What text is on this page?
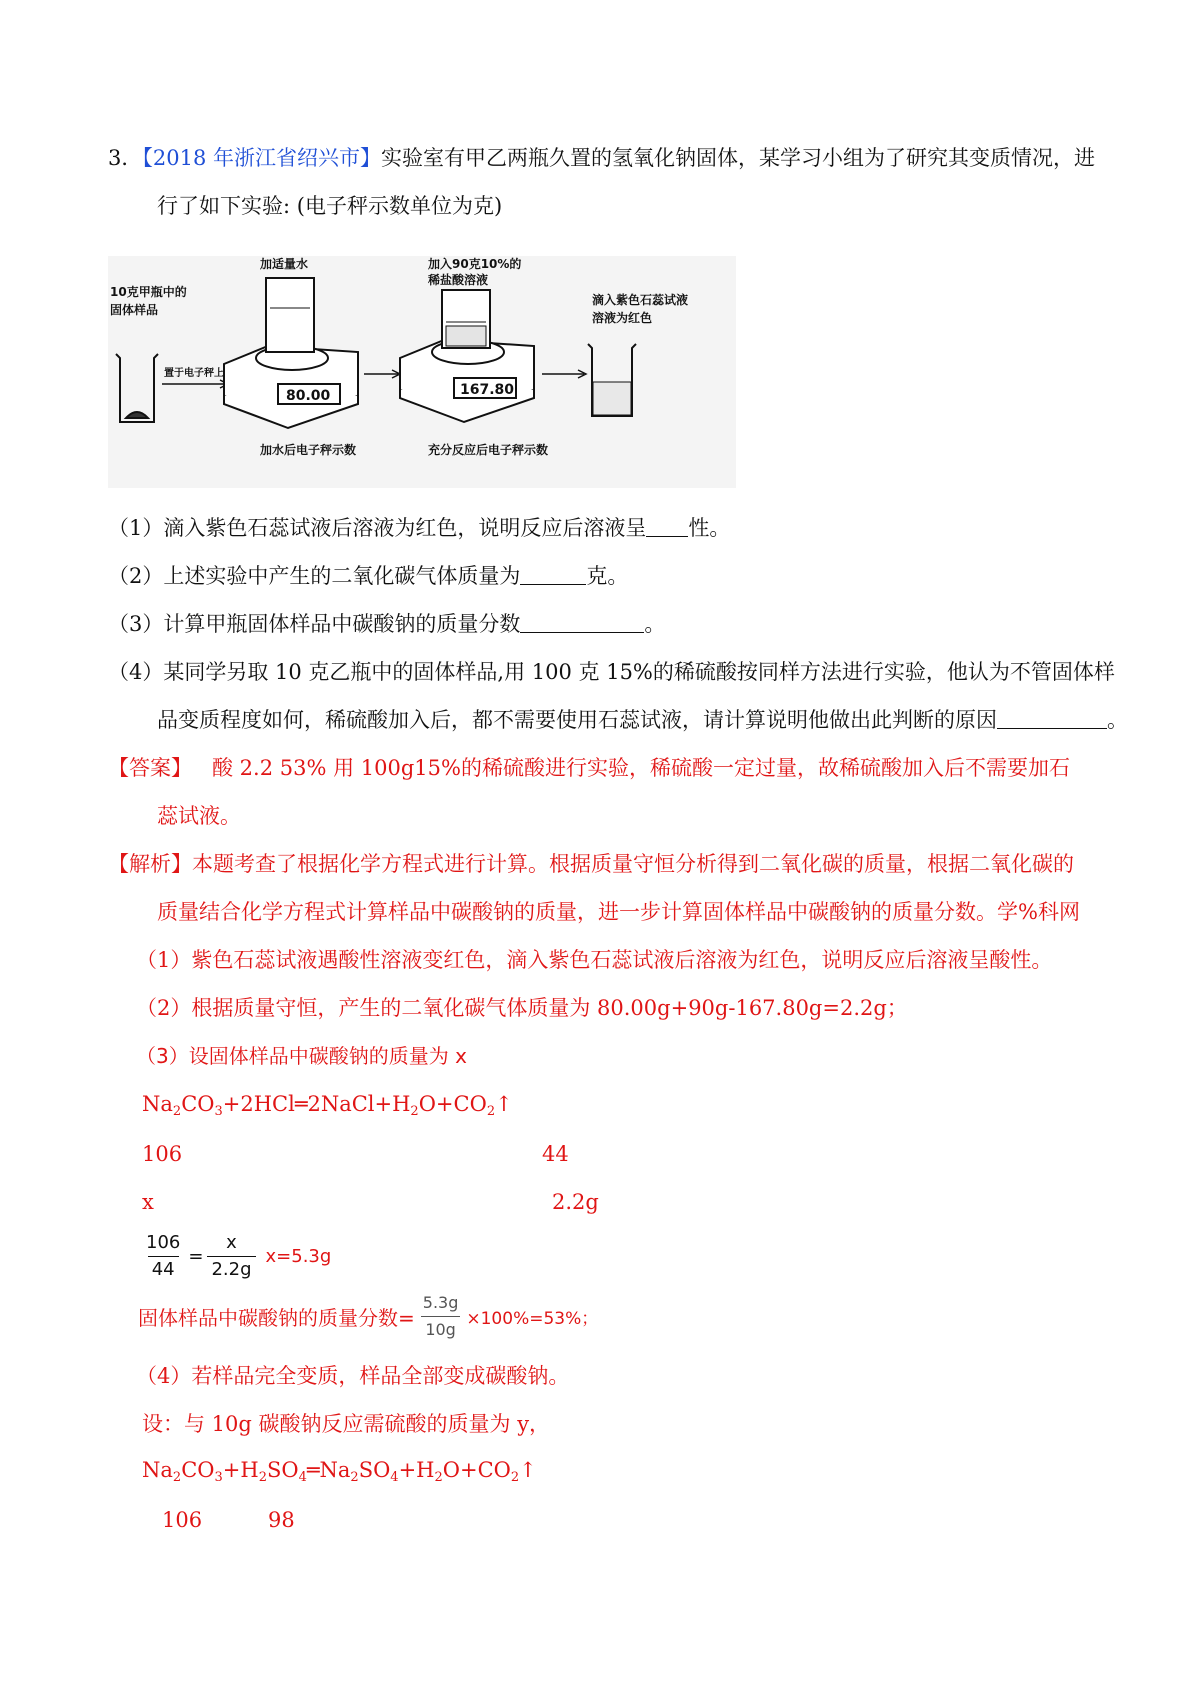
3．【2018 年浙江省绍兴市】实验室有甲乙两瓶久置的氢氧化钠固体，某学习小组为了研究其变质情况，进
行了如下实验: (电子秤示数单位为克)
10克甲瓶中的
固体样品
置于电子秤上
80.00
加适量水
加水后电子秤示数
167.80
加入90克10%的
稀盐酸溶液
充分反应后电子秤示数
滴入紫色石蕊试液
溶液为红色
（1）滴入紫色石蕊试液后溶液为红色，说明反应后溶液呈 性。
（2）上述实验中产生的二氧化碳气体质量为	克。
（3）计算甲瓶固体样品中碳酸钠的质量分数	。
（4）某同学另取 10 克乙瓶中的固体样品,用 100 克 15%的稀硫酸按同样方法进行实验，他认为不管固体样
品变质程度如何，稀硫酸加入后，都不需要使用石蕊试液，请计算说明他做出此判断的原因	。
【答案】 酸 2.2 53% 用 100g15%的稀硫酸进行实验，稀硫酸一定过量，故稀硫酸加入后不需要加石
蕊试液。
【解析】本题考查了根据化学方程式进行计算。根据质量守恒分析得到二氧化碳的质量，根据二氧化碳的
质量结合化学方程式计算样品中碳酸钠的质量，进一步计算固体样品中碳酸钠的质量分数。学%科网
（1）紫色石蕊试液遇酸性溶液变红色，滴入紫色石蕊试液后溶液为红色，说明反应后溶液呈酸性。
（2）根据质量守恒，产生的二氧化碳气体质量为 80.00g+90g-167.80g=2.2g；
（3）设固体样品中碳酸钠的质量为 x
$Na_2CO_3+2HCl═2NaCl+H_2O+CO_2↑$
106	44
x	2.2g
$\frac{106}{44} = \frac{x}{2.2g} x=5.3g$
固体样品中碳酸钠的质量分数= $\frac{5.3g}{10g} \times 100\%=53\%$；
（4）若样品完全变质，样品全部变成碳酸钠。
设：与 10g 碳酸钠反应需硫酸的质量为 y，
$Na_2CO_3+H_2SO_4═Na_2SO_4+H_2O+CO_2↑$
106	98
